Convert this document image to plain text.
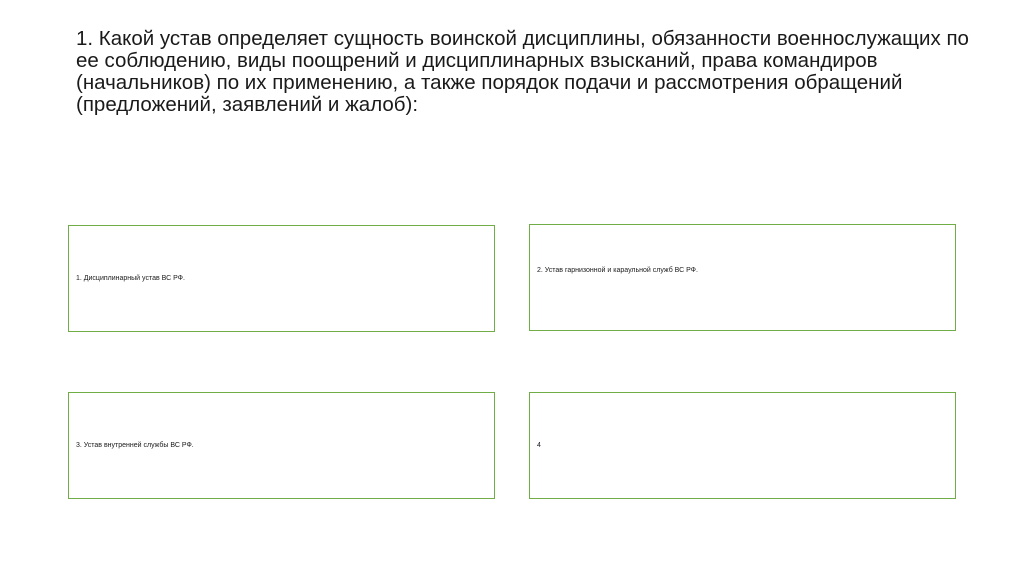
1. Какой устав определяет сущность воинской дисциплины, обязанности военнослужащих по ее соблюдению, виды поощрений и дисциплинарных взысканий, права командиров (начальников) по их применению, а также порядок подачи и рассмотрения обращений (предложений, заявлений и жалоб):
1. Дисциплинарный устав ВС РФ.
2. Устав гарнизонной и караульной служб ВС РФ.
3. Устав внутренней службы ВС РФ.	4
